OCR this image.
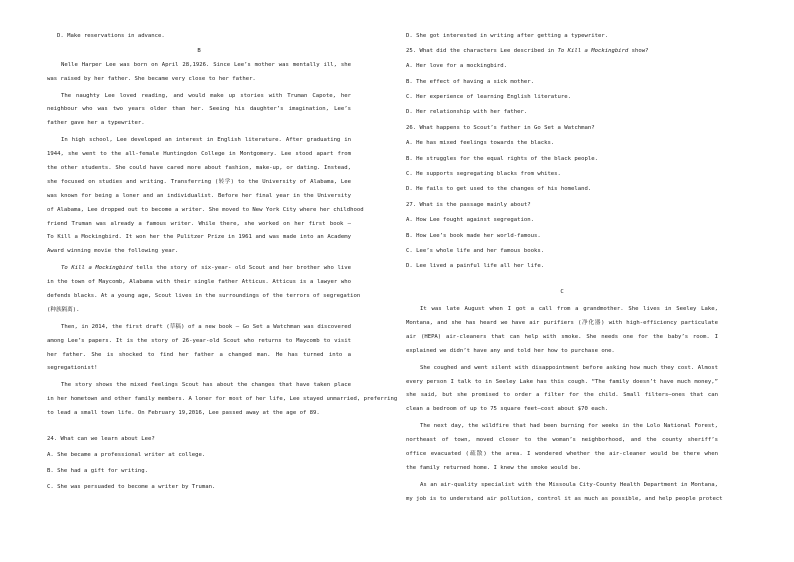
D. Make reservations in advance.
B
Nelle Harper Lee was born on April 28,1926. Since Lee’s mother was mentally ill, she
was raised by her father. She became very close to her father.
The naughty Lee loved reading, and would make up stories with Truman Capote, her
neighbour who was two years older than her. Seeing his daughter’s imagination, Lee’s
father gave her a typewriter.
In high school, Lee developed an interest in English literature. After graduating in
1944, she went to the all-female Huntingdon College in Montgomery. Lee stood apart from
the other students. She could have cared more about fashion, make-up, or dating. Instead,
she focused on studies and writing. Transferring (转学) to the University of Alabama, Lee
was known for being a loner and an individualist. Before her final year in the University
of Alabama, Lee dropped out to become a writer. She moved to New York City where her childhood
friend Truman was already a famous writer. While there, she worked on her first book —
To Kill a Mockingbird. It won her the Pulitzer Prize in 1961 and was made into an Academy
Award winning movie the following year.
To Kill a Mockingbird tells the story of six-year- old Scout and her brother who live
in the town of Maycomb, Alabama with their single father Atticus. Atticus is a lawyer who
defends blacks. At a young age, Scout lives in the surroundings of the terrors of segregation
(种族隔离).
Then, in 2014, the first draft (草稿) of a new book — Go Set a Watchman was discovered
among Lee’s papers. It is the story of 26-year-old Scout who returns to Maycomb to visit
her father. She is shocked to find her father a changed man. He has turned into a
segregationist!
The story shows the mixed feelings Scout has about the changes that have taken place
in her hometown and other family members. A loner for most of her life, Lee stayed unmarried, preferring
to lead a small town life. On February 19,2016, Lee passed away at the age of 89.
24. What can we learn about Lee?
A. She became a professional writer at college.
B. She had a gift for writing.
C. She was persuaded to become a writer by Truman.
D. She got interested in writing after getting a typewriter.
25. What did the characters Lee described in To Kill a Mockingbird show?
A. Her love for a mockingbird.
B. The effect of having a sick mother.
C. Her experience of learning English literature.
D. Her relationship with her father.
26. What happens to Scout’s father in Go Set a Watchman?
A. He has mixed feelings towards the blacks.
B. He struggles for the equal rights of the black people.
C. He supports segregating blacks from whites.
D. He fails to get used to the changes of his homeland.
27. What is the passage mainly about?
A. How Lee fought against segregation.
B. How Lee’s book made her world-famous.
C. Lee’s whole life and her famous books.
D. Lee lived a painful life all her life.
C
It was late August when I got a call from a grandmother. She lives in Seeley Lake,
Montana, and she has heard we have air purifiers (净化器) with high-efficiency particulate
air (HEPA) air-cleaners that can help with smoke. She needs one for the baby’s room. I
explained we didn’t have any and told her how to purchase one.
She coughed and went silent with disappointment before asking how much they cost. Almost
every person I talk to in Seeley Lake has this cough. “The family doesn’t have much money,”
she said, but she promised to order a filter for the child. Small filters—ones that can
clean a bedroom of up to 75 square feet—cost about $70 each.
The next day, the wildfire that had been burning for weeks in the Lolo National Forest,
northeast of town, moved closer to the woman’s neighborhood, and the county sheriff’s
office evacuated (疏散) the area. I wondered whether the air-cleaner would be there when
the family returned home. I knew the smoke would be.
As an air-quality specialist with the Missoula City-County Health Department in Montana,
my job is to understand air pollution, control it as much as possible, and help people protect
